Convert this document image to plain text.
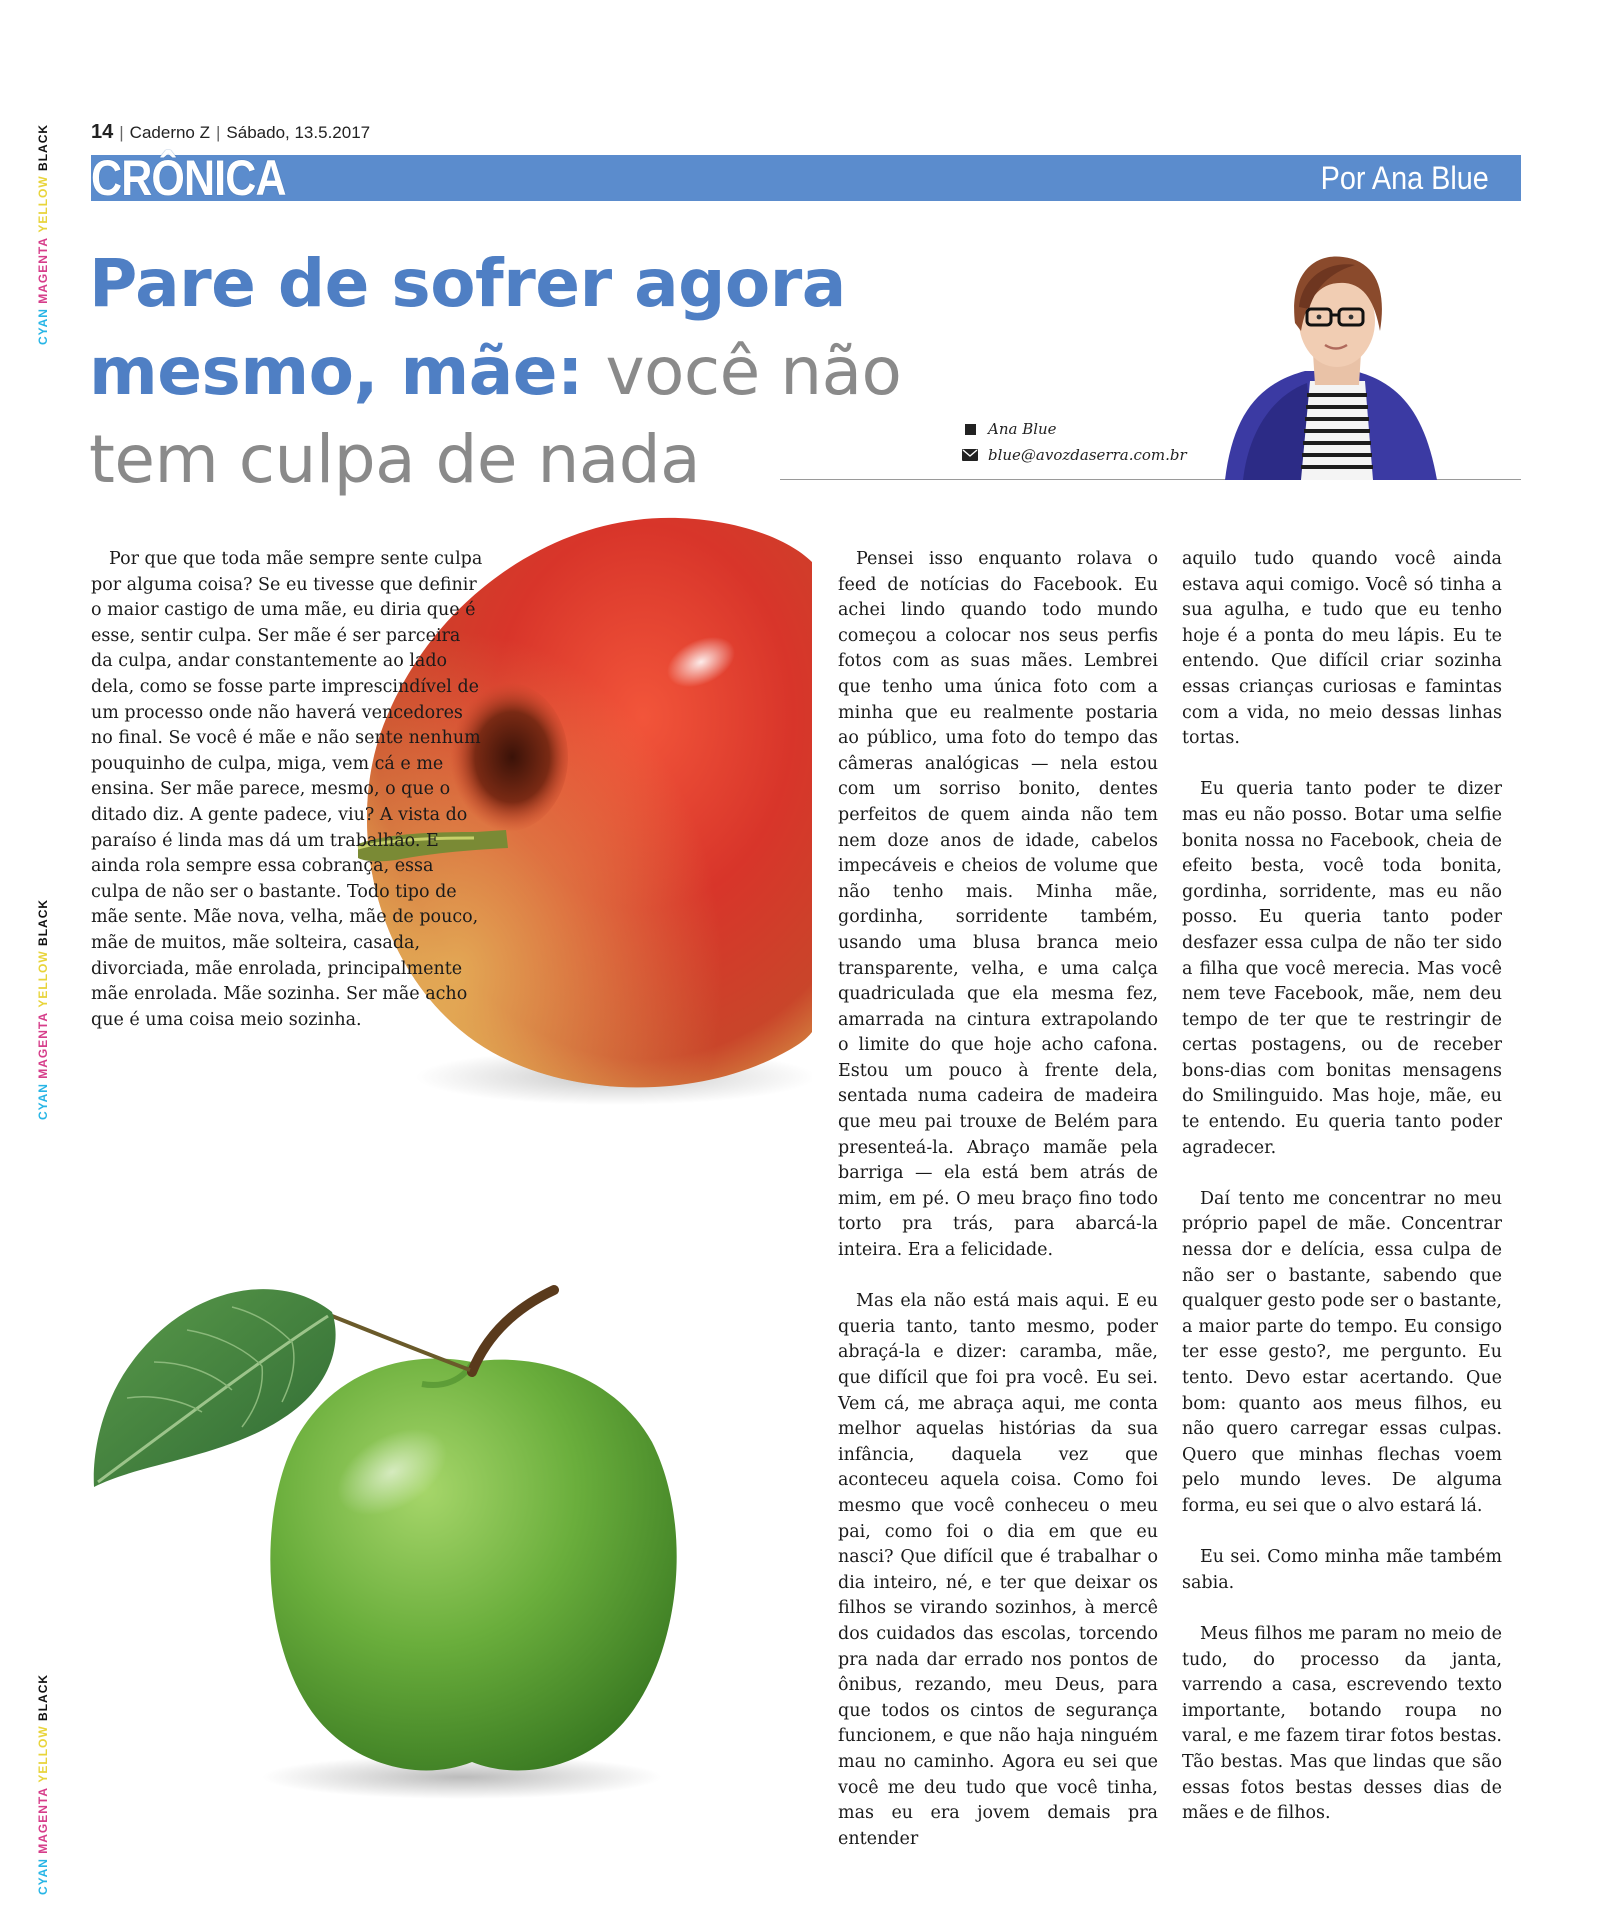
CYAN MAGENTA YELLOW BLACK
CYAN MAGENTA YELLOW BLACK
CYAN MAGENTA YELLOW BLACK
14 | Caderno Z | Sábado, 13.5.2017
CRÔNICA	Por Ana Blue
Pare de sofrer agora mesmo, mãe: você não tem culpa de nada	Ana Blue
blue@avozdaserra.com.br

Por que que toda mãe sempre sente culpa por alguma coisa? Se eu tivesse que definir o maior castigo de uma mãe, eu diria que é esse, sentir culpa. Ser mãe é ser parceira da culpa, andar constantemente ao lado dela, como se fosse parte imprescindível de um processo onde não haverá vencedores no final. Se você é mãe e não sente nenhum pouquinho de culpa, miga, vem cá e me ensina. Ser mãe parece, mesmo, o que o ditado diz. A gente padece, viu? A vista do paraíso é linda mas dá um trabalhão. E ainda rola sempre essa cobrança, essa culpa de não ser o bastante. Todo tipo de mãe sente. Mãe nova, velha, mãe de pouco, mãe de muitos, mãe solteira, casada, divorciada, mãe enrolada, principalmente mãe enrolada. Mãe sozinha. Ser mãe acho que é uma coisa meio sozinha.

Pensei isso enquanto rolava o feed de notícias do Facebook. Eu achei lindo quando todo mundo começou a colocar nos seus perfis fotos com as suas mães. Lembrei que tenho uma única foto com a minha que eu realmente postaria ao público, uma foto do tempo das câmeras analógicas — nela estou com um sorriso bonito, dentes perfeitos de quem ainda não tem nem doze anos de idade, cabelos impecáveis e cheios de volume que não tenho mais. Minha mãe, gordinha, sorridente também, usando uma blusa branca meio transparente, velha, e uma calça quadriculada que ela mesma fez, amarrada na cintura extrapolando o limite do que hoje acho cafona. Estou um pouco à frente dela, sentada numa cadeira de madeira que meu pai trouxe de Belém para presenteá-la. Abraço mamãe pela barriga — ela está bem atrás de mim, em pé. O meu braço fino todo torto pra trás, para abarcá-la inteira. Era a felicidade.

Mas ela não está mais aqui. E eu queria tanto, tanto mesmo, poder abraçá-la e dizer: caramba, mãe, que difícil que foi pra você. Eu sei. Vem cá, me abraça aqui, me conta melhor aquelas histórias da sua infância, daquela vez que aconteceu aquela coisa. Como foi mesmo que você conheceu o meu pai, como foi o dia em que eu nasci? Que difícil que é trabalhar o dia inteiro, né, e ter que deixar os filhos se virando sozinhos, à mercê dos cuidados das escolas, torcendo pra nada dar errado nos pontos de ônibus, rezando, meu Deus, para que todos os cintos de segurança funcionem, e que não haja ninguém mau no caminho. Agora eu sei que você me deu tudo que você tinha, mas eu era jovem demais pra entender

aquilo tudo quando você ainda estava aqui comigo. Você só tinha a sua agulha, e tudo que eu tenho hoje é a ponta do meu lápis. Eu te entendo. Que difícil criar sozinha essas crianças curiosas e famintas com a vida, no meio dessas linhas tortas.

Eu queria tanto poder te dizer mas eu não posso. Botar uma selfie bonita nossa no Facebook, cheia de efeito besta, você toda bonita, gordinha, sorridente, mas eu não posso. Eu queria tanto poder desfazer essa culpa de não ter sido a filha que você merecia. Mas você nem teve Facebook, mãe, nem deu tempo de ter que te restringir de certas postagens, ou de receber bons-dias com bonitas mensagens do Smilinguido. Mas hoje, mãe, eu te entendo. Eu queria tanto poder agradecer.

Daí tento me concentrar no meu próprio papel de mãe. Concentrar nessa dor e delícia, essa culpa de não ser o bastante, sabendo que qualquer gesto pode ser o bastante, a maior parte do tempo. Eu consigo ter esse gesto?, me pergunto. Eu tento. Devo estar acertando. Que bom: quanto aos meus filhos, eu não quero carregar essas culpas. Quero que minhas flechas voem pelo mundo leves. De alguma forma, eu sei que o alvo estará lá.

Eu sei. Como minha mãe também sabia.

Meus filhos me param no meio de tudo, do processo da janta, varrendo a casa, escrevendo texto importante, botando roupa no varal, e me fazem tirar fotos bestas. Tão bestas. Mas que lindas que são essas fotos bestas desses dias de mães e de filhos.
